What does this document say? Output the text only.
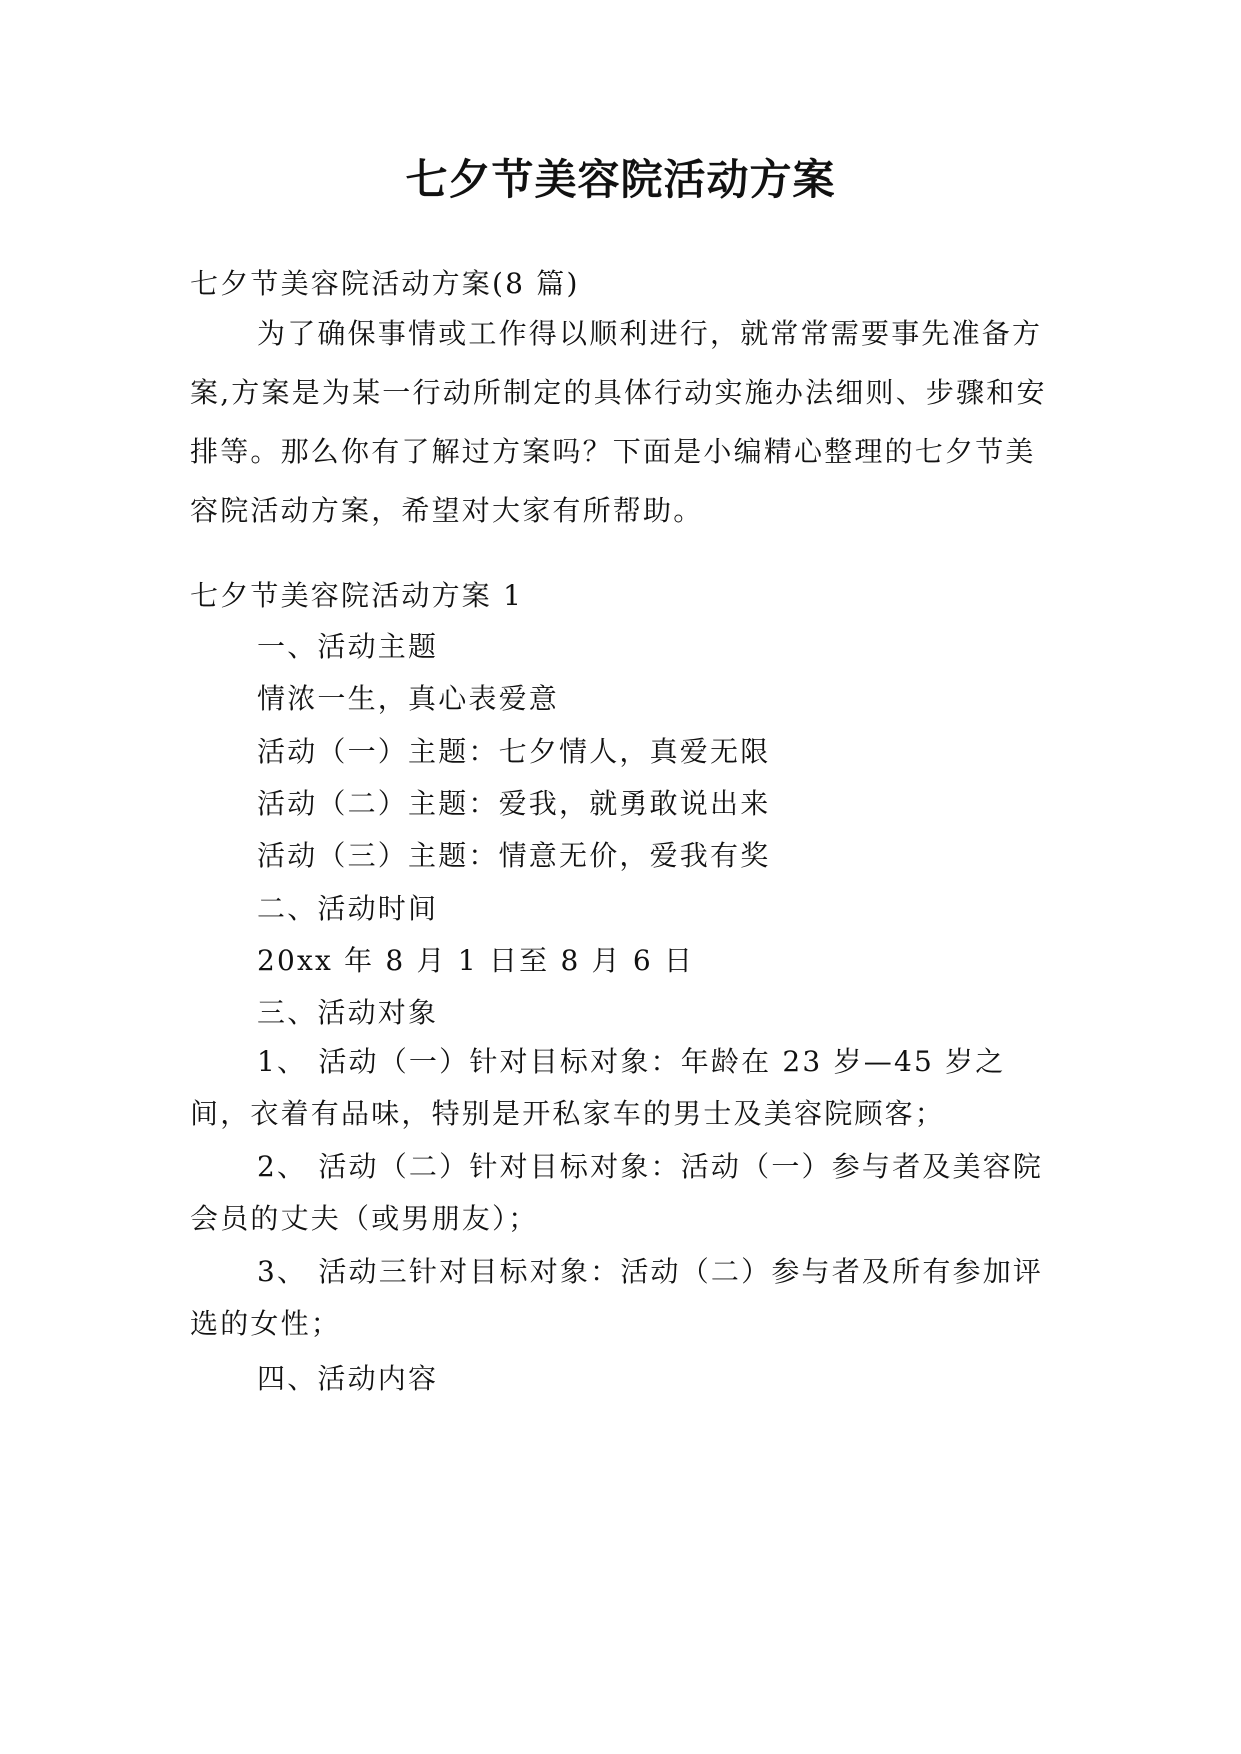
七夕节美容院活动方案
七夕节美容院活动方案(8 篇)
为了确保事情或工作得以顺利进行，就常常需要事先准备方案,方案是为某一行动所制定的具体行动实施办法细则、步骤和安排等。那么你有了解过方案吗？下面是小编精心整理的七夕节美容院活动方案，希望对大家有所帮助。
七夕节美容院活动方案 1
一、活动主题
情浓一生，真心表爱意
活动（一）主题：七夕情人，真爱无限
活动（二）主题：爱我，就勇敢说出来
活动（三）主题：情意无价，爱我有奖
二、活动时间
20xx 年 8 月 1 日至 8 月 6 日
三、活动对象
1、 活动（一）针对目标对象：年龄在 23 岁—45 岁之间，衣着有品味，特别是开私家车的男士及美容院顾客；
2、 活动（二）针对目标对象：活动（一）参与者及美容院会员的丈夫（或男朋友）；
3、 活动三针对目标对象：活动（二）参与者及所有参加评选的女性；
四、活动内容
